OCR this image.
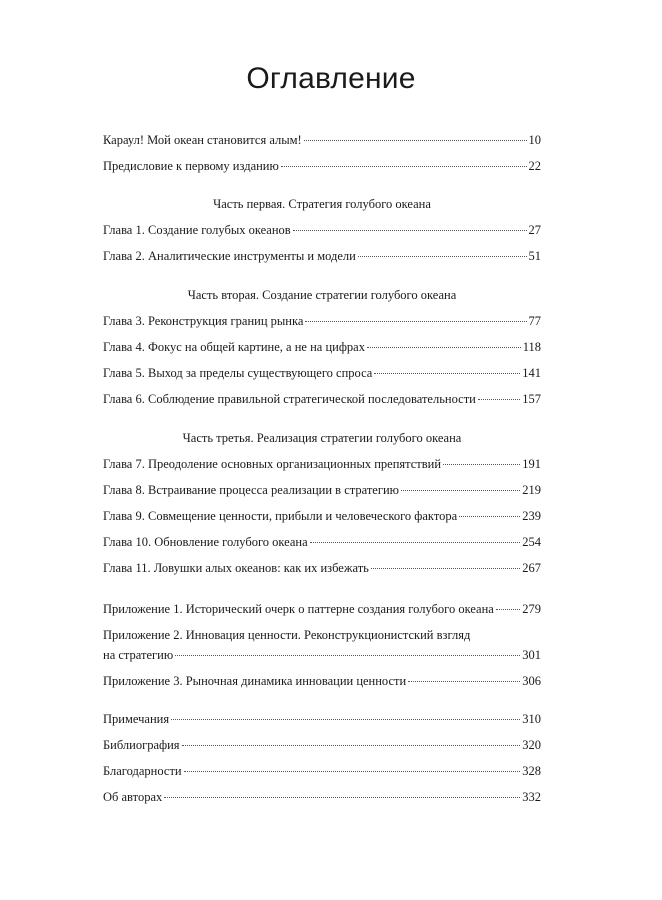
Оглавление
Караул! Мой океан становится алым!	10
Предисловие к первому изданию	22
Часть первая. Стратегия голубого океана
Глава 1. Создание голубых океанов	27
Глава 2. Аналитические инструменты и модели	51
Часть вторая. Создание стратегии голубого океана
Глава 3. Реконструкция границ рынка	77
Глава 4. Фокус на общей картине, а не на цифрах	118
Глава 5. Выход за пределы существующего спроса	141
Глава 6. Соблюдение правильной стратегической последовательности	157
Часть третья. Реализация стратегии голубого океана
Глава 7. Преодоление основных организационных препятствий	191
Глава 8. Встраивание процесса реализации в стратегию	219
Глава 9. Совмещение ценности, прибыли и человеческого фактора	239
Глава 10. Обновление голубого океана	254
Глава 11. Ловушки алых океанов: как их избежать	267
Приложение 1. Исторический очерк о паттерне создания голубого океана 279
Приложение 2. Инновация ценности. Реконструкционистский взгляд
на стратегию	301
Приложение 3. Рыночная динамика инновации ценности	306
Примечания	310
Библиография	320
Благодарности	328
Об авторах	332
